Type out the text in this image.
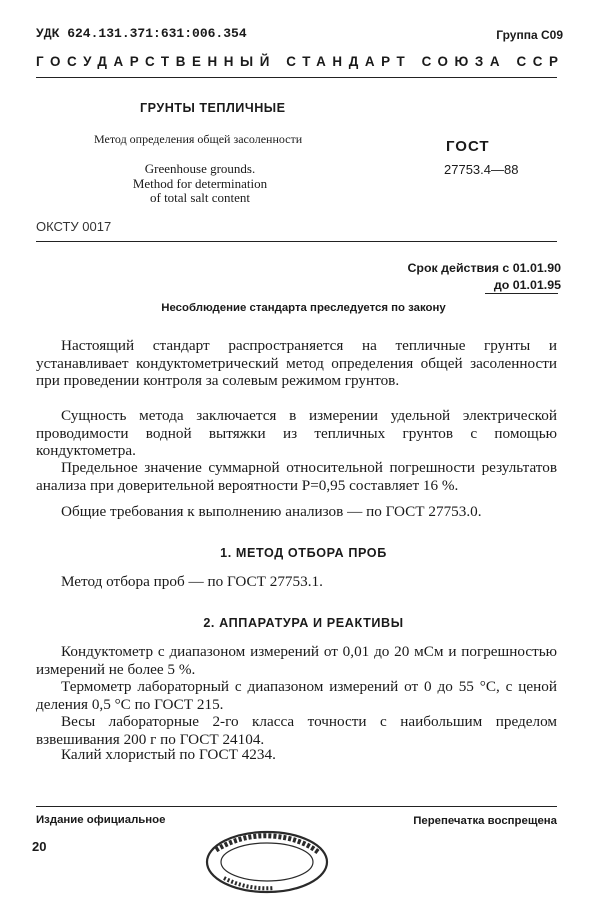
УДК 624.131.371:631:006.354	Группа С09
ГОСУДАРСТВЕННЫЙ СТАНДАРТ СОЮЗА ССР
ГРУНТЫ ТЕПЛИЧНЫЕ
Метод определения общей засоленности
Greenhouse grounds.
Method for determination
of total salt content
ГОСТ
27753.4—88
ОКСТУ 0017
Срок действия с 01.01.90
до 01.01.95
Несоблюдение стандарта преследуется по закону
Настоящий стандарт распространяется на тепличные грунты и устанавливает кондуктометрический метод определения общей засоленности при проведении контроля за солевым режимом грунтов.
Сущность метода заключается в измерении удельной электрической проводимости водной вытяжки из тепличных грунтов с помощью кондуктометра.
Предельное значение суммарной относительной погрешности результатов анализа при доверительной вероятности P=0,95 составляет 16 %.
Общие требования к выполнению анализов — по ГОСТ 27753.0.
1. МЕТОД ОТБОРА ПРОБ
Метод отбора проб — по ГОСТ 27753.1.
2. АППАРАТУРА И РЕАКТИВЫ
Кондуктометр с диапазоном измерений от 0,01 до 20 мСм и погрешностью измерений не более 5 %.
Термометр лабораторный с диапазоном измерений от 0 до 55 °С, с ценой деления 0,5 °С по ГОСТ 215.
Весы лабораторные 2-го класса точности с наибольшим пределом взвешивания 200 г по ГОСТ 24104.
Калий хлористый по ГОСТ 4234.
Издание официальное	Перепечатка воспрещена
20
